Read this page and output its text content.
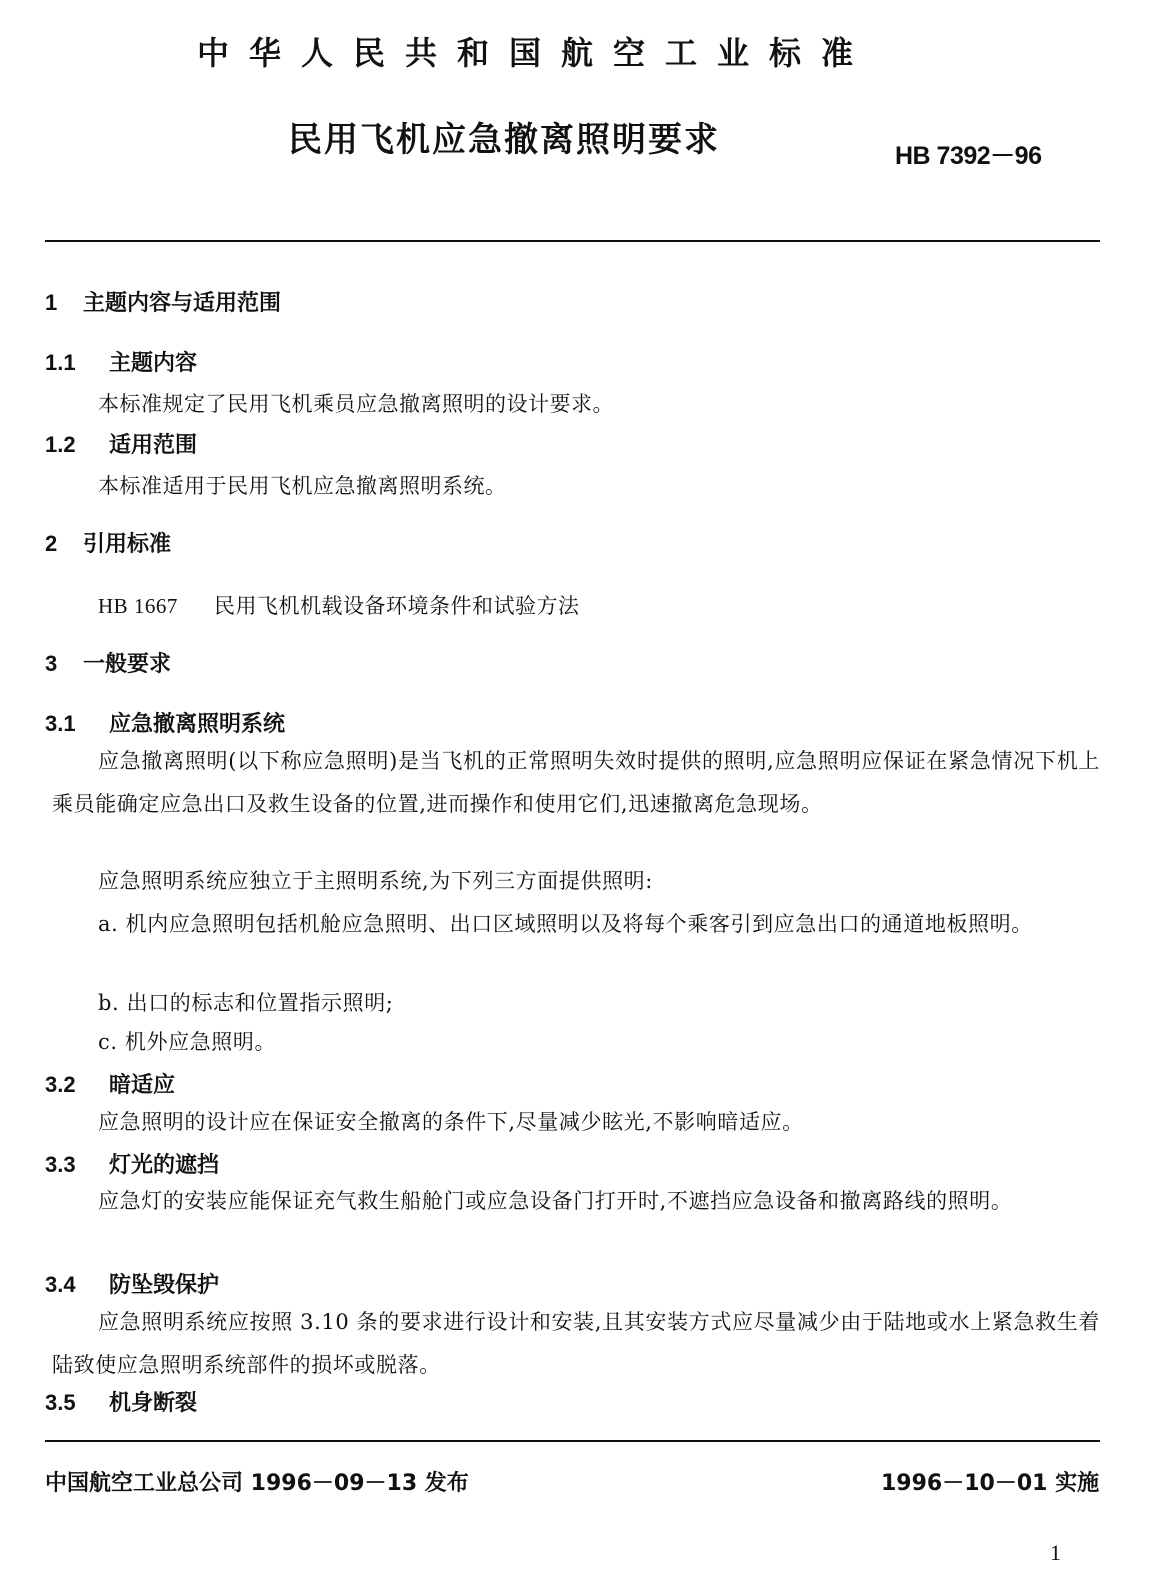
中华人民共和国航空工业标准
民用飞机应急撤离照明要求	HB 7392－96
1 主题内容与适用范围
1.1 主题内容
本标准规定了民用飞机乘员应急撤离照明的设计要求。
1.2 适用范围
本标准适用于民用飞机应急撤离照明系统。
2 引用标准
HB 1667 民用飞机机载设备环境条件和试验方法
3 一般要求
3.1 应急撤离照明系统
应急撤离照明(以下称应急照明)是当飞机的正常照明失效时提供的照明,应急照明应保证在紧急情况下机上乘员能确定应急出口及救生设备的位置,进而操作和使用它们,迅速撤离危急现场。
应急照明系统应独立于主照明系统,为下列三方面提供照明:
a. 机内应急照明包括机舱应急照明、出口区域照明以及将每个乘客引到应急出口的通道地板照明。
b. 出口的标志和位置指示照明;
c. 机外应急照明。
3.2 暗适应
应急照明的设计应在保证安全撤离的条件下,尽量减少眩光,不影响暗适应。
3.3 灯光的遮挡
应急灯的安装应能保证充气救生船舱门或应急设备门打开时,不遮挡应急设备和撤离路线的照明。
3.4 防坠毁保护
应急照明系统应按照 3.10 条的要求进行设计和安装,且其安装方式应尽量减少由于陆地或水上紧急救生着陆致使应急照明系统部件的损坏或脱落。
3.5 机身断裂
中国航空工业总公司 1996－09－13 发布	1996－10－01 实施
1
